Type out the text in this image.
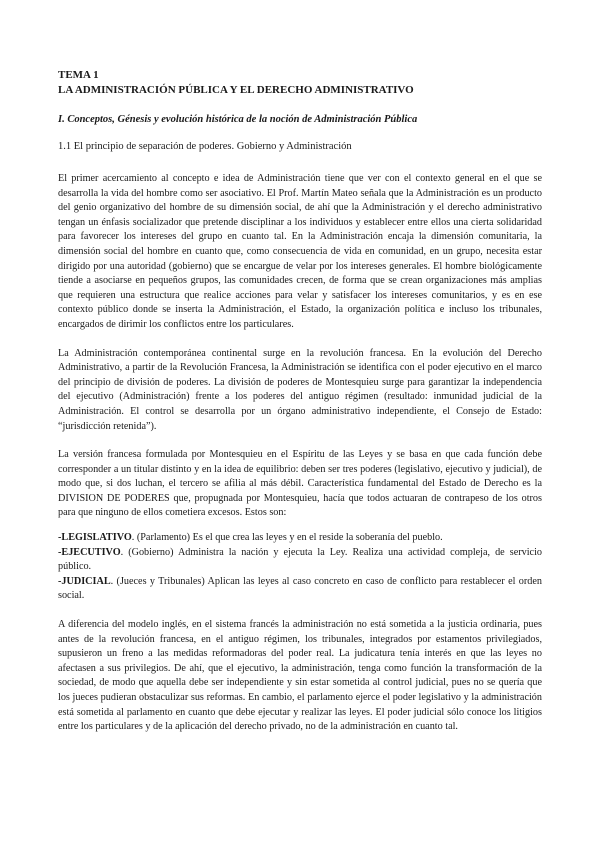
TEMA 1

LA ADMINISTRACIÓN PÚBLICA Y EL DERECHO ADMINISTRATIVO

I. Conceptos, Génesis y evolución histórica de la noción de Administración Pública

1.1 El principio de separación de poderes. Gobierno y Administración

El primer acercamiento al concepto e idea de Administración tiene que ver con el contexto general en el que se desarrolla la vida del hombre como ser asociativo. El Prof. Martín Mateo señala que la Administración es un producto del genio organizativo del hombre de su dimensión social, de ahí que la Administración y el derecho administrativo tengan un énfasis socializador que pretende disciplinar a los individuos y establecer entre ellos una cierta solidaridad para favorecer los intereses del grupo en cuanto tal. En la Administración encaja la dimensión comunitaria, la dimensión social del hombre en cuanto que, como consecuencia de vida en comunidad, en un grupo, necesita estar dirigido por una autoridad (gobierno) que se encargue de velar por los intereses generales. El hombre biológicamente tiende a asociarse en pequeños grupos, las comunidades crecen, de forma que se crean organizaciones más amplias que requieren una estructura que realice acciones para velar y satisfacer los intereses comunitarios, y es en ese contexto público donde se inserta la Administración, el Estado, la organización política e incluso los tribunales, encargados de dirimir los conflictos entre los particulares.

La Administración contemporánea continental surge en la revolución francesa. En la evolución del Derecho Administrativo, a partir de la Revolución Francesa, la Administración se identifica con el poder ejecutivo en el marco del principio de división de poderes. La división de poderes de Montesquieu surge para garantizar la independencia del ejecutivo (Administración) frente a los poderes del antiguo régimen (resultado: inmunidad judicial de la Administración. El control se desarrolla por un órgano administrativo independiente, el Consejo de Estado: “jurisdicción retenida”).

La versión francesa formulada por Montesquieu en el Espíritu de las Leyes y se basa en que cada función debe corresponder a un titular distinto y en la idea de equilibrio: deben ser tres poderes (legislativo, ejecutivo y judicial), de modo que, si dos luchan, el tercero se afilia al más débil. Característica fundamental del Estado de Derecho es la DIVISION DE PODERES que, propugnada por Montesquieu, hacía que todos actuaran de contrapeso de los otros para que ninguno de ellos cometiera excesos. Estos son:

-LEGISLATIVO. (Parlamento) Es el que crea las leyes y en el reside la soberanía del pueblo.

-EJECUTIVO. (Gobierno) Administra la nación y ejecuta la Ley. Realiza una actividad compleja, de servicio público.

-JUDICIAL. (Jueces y Tribunales) Aplican las leyes al caso concreto en caso de conflicto para restablecer el orden social.

A diferencia del modelo inglés, en el sistema francés la administración no está sometida a la justicia ordinaria, pues antes de la revolución francesa, en el antiguo régimen, los tribunales, integrados por estamentos privilegiados, supusieron un freno a las medidas reformadoras del poder real. La judicatura tenía interés en que las leyes no afectasen a sus privilegios. De ahí, que el ejecutivo, la administración, tenga como función la transformación de la sociedad, de modo que aquella debe ser independiente y sin estar sometida al control judicial, pues no se quería que los jueces pudieran obstaculizar sus reformas. En cambio, el parlamento ejerce el poder legislativo y la administración está sometida al parlamento en cuanto que debe ejecutar y realizar las leyes. El poder judicial sólo conoce los litigios entre los particulares y de la aplicación del derecho privado, no de la administración en cuanto tal.
